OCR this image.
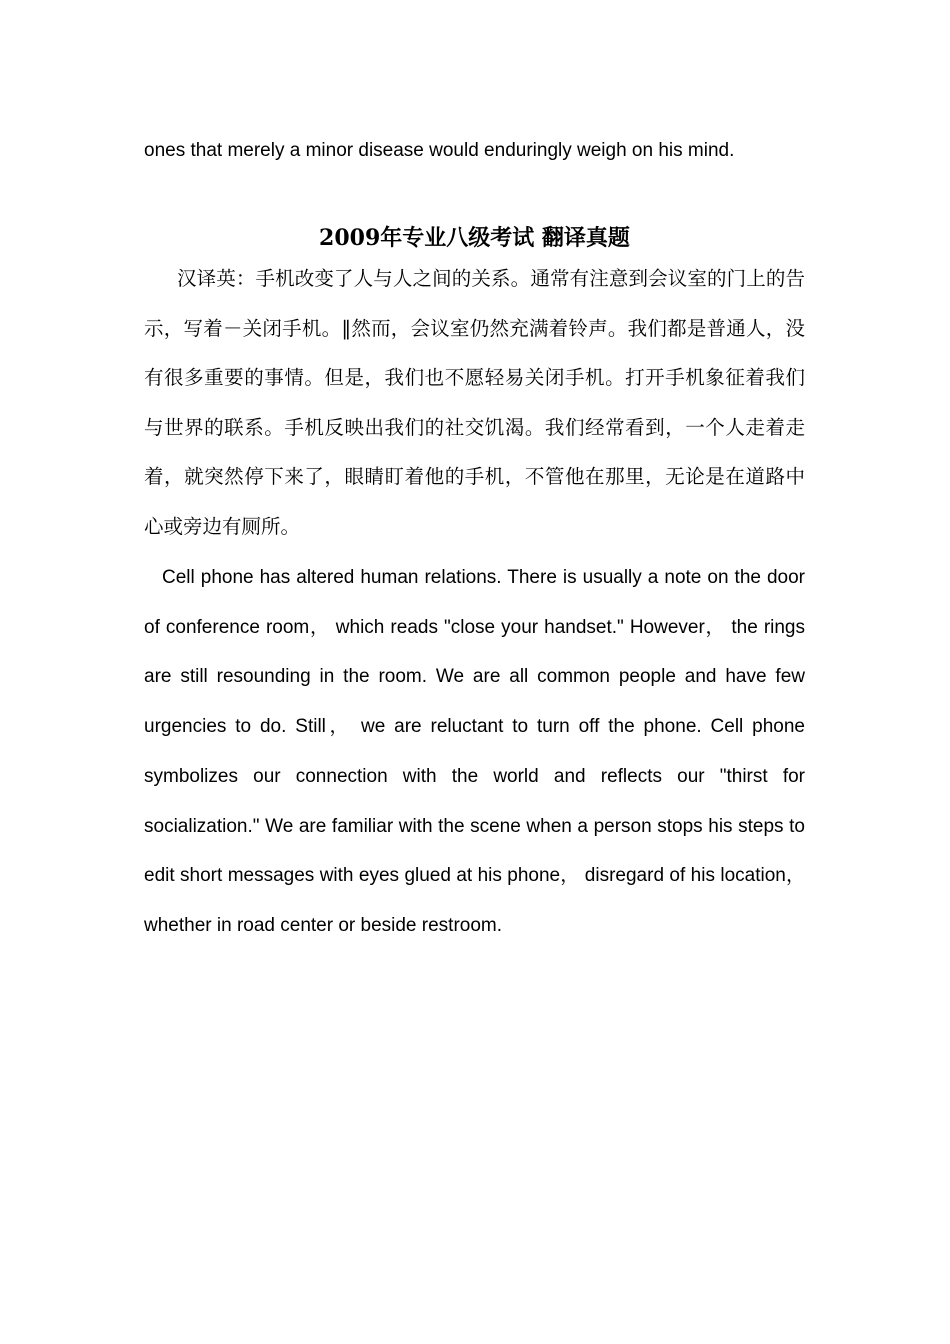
ones that merely a minor disease would enduringly weigh on his mind.

2009年专业八级考试 翻译真题

汉译英：手机改变了人与人之间的关系。通常有注意到会议室的门上的告示，写着－关闭手机。‖然而，会议室仍然充满着铃声。我们都是普通人，没有很多重要的事情。但是，我们也不愿轻易关闭手机。打开手机象征着我们与世界的联系。手机反映出我们的社交饥渴。我们经常看到，一个人走着走着，就突然停下来了，眼睛盯着他的手机，不管他在那里，无论是在道路中心或旁边有厕所。

Cell phone has altered human relations. There is usually a note on the door of conference room， which reads "close your handset." However， the rings are still resounding in the room. We are all common people and have few urgencies to do. Still， we are reluctant to turn off the phone. Cell phone symbolizes our connection with the world and reflects our "thirst for socialization." We are familiar with the scene when a person stops his steps to edit short messages with eyes glued at his phone， disregard of his location， whether in road center or beside restroom.
